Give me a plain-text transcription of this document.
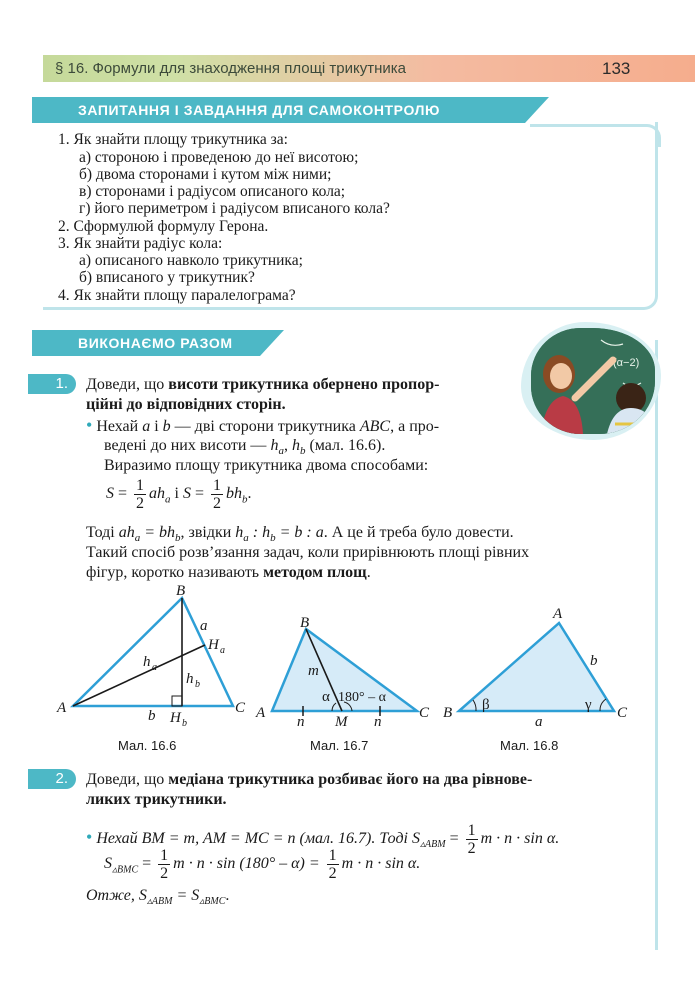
§ 16. Формули для знаходження площі трикутника	133
ЗАПИТАННЯ І ЗАВДАННЯ ДЛЯ САМОКОНТРОЛЮ
1. Як знайти площу трикутника за:
а) стороною і проведеною до неї висотою;
б) двома сторонами і кутом між ними;
в) сторонами і радіусом описаного кола;
г) його периметром і радіусом вписаного кола?
2. Сформулюй формулу Герона.
3. Як знайти радіус кола:
а) описаного навколо трикутника;
б) вписаного у трикутник?
4. Як знайти площу паралелограма?
ВИКОНАЄМО РАЗОМ
(α−2)
1.	Доведи, що висоти трикутника обернено пропор-
ційні до відповідних сторін.
• Нехай a і b — дві сторони трикутника ABC, а про-
ведені до них висоти — $h_a$, $h_b$ (мал. 16.6).
Виразимо площу трикутника двома способами:
$S = \frac{1}{2} ah_a$ і $S = \frac{1}{2} bh_b$.
Тоді $ah_a = bh_b$, звідки $h_a$ : $h_b = b$ : a. А це й треба було довести.
Такий спосіб розв’язання задач, коли прирівнюють площі рівних
фігур, коротко називають методом площ.
A
B
C
a
b
H a
h a
h b
H b
A
B
C
M
m
n	n
α 180° – α
B
A
C
a
b
β	γ
Мал. 16.6	Мал. 16.7	Мал. 16.8
2.	Доведи, що медіана трикутника розбиває його на два рівнове-
ликих трикутники.
• Нехай BM = m, AM = MC = n (мал. 16.7). Тоді $S_{▵ABM} = \frac{1}{2}$ m · n · sin α.
$S_{▵BMC} = \frac{1}{2}$ $m \cdot n \cdot \sin (180^\circ - \alpha) = \frac{1}{2}$ m · n · sin α.
Отже, $S_{▵ABM} = S_{▵BMC}$.
